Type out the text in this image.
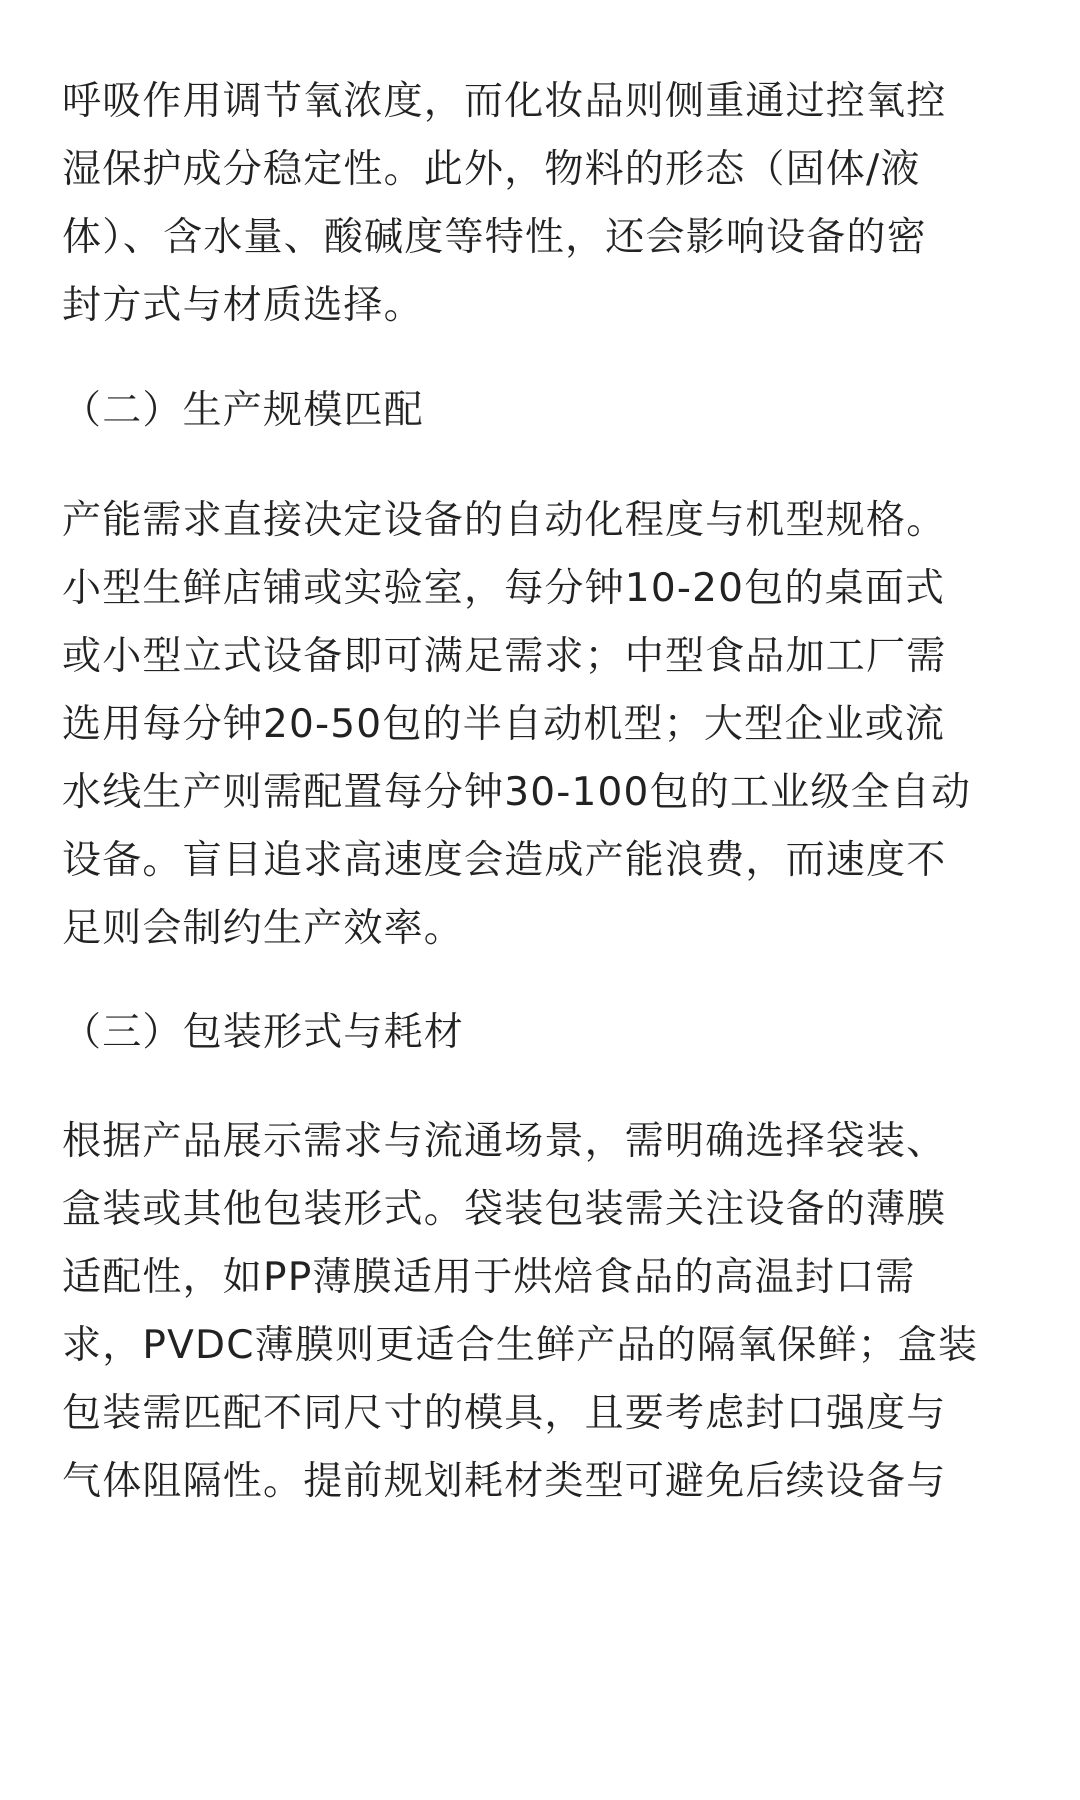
呼吸作用调节氧浓度，而化妆品则侧重通过控氧控
湿保护成分稳定性。此外，物料的形态（固体/液
体）、含水量、酸碱度等特性，还会影响设备的密
封方式与材质选择。
（二）生产规模匹配
产能需求直接决定设备的自动化程度与机型规格。
小型生鲜店铺或实验室，每分钟10-20包的桌面式
或小型立式设备即可满足需求；中型食品加工厂需
选用每分钟20-50包的半自动机型；大型企业或流
水线生产则需配置每分钟30-100包的工业级全自动
设备。盲目追求高速度会造成产能浪费，而速度不
足则会制约生产效率。
（三）包装形式与耗材
根据产品展示需求与流通场景，需明确选择袋装、
盒装或其他包装形式。袋装包装需关注设备的薄膜
适配性，如PP薄膜适用于烘焙食品的高温封口需
求，PVDC薄膜则更适合生鲜产品的隔氧保鲜；盒装
包装需匹配不同尺寸的模具，且要考虑封口强度与
气体阻隔性。提前规划耗材类型可避免后续设备与
